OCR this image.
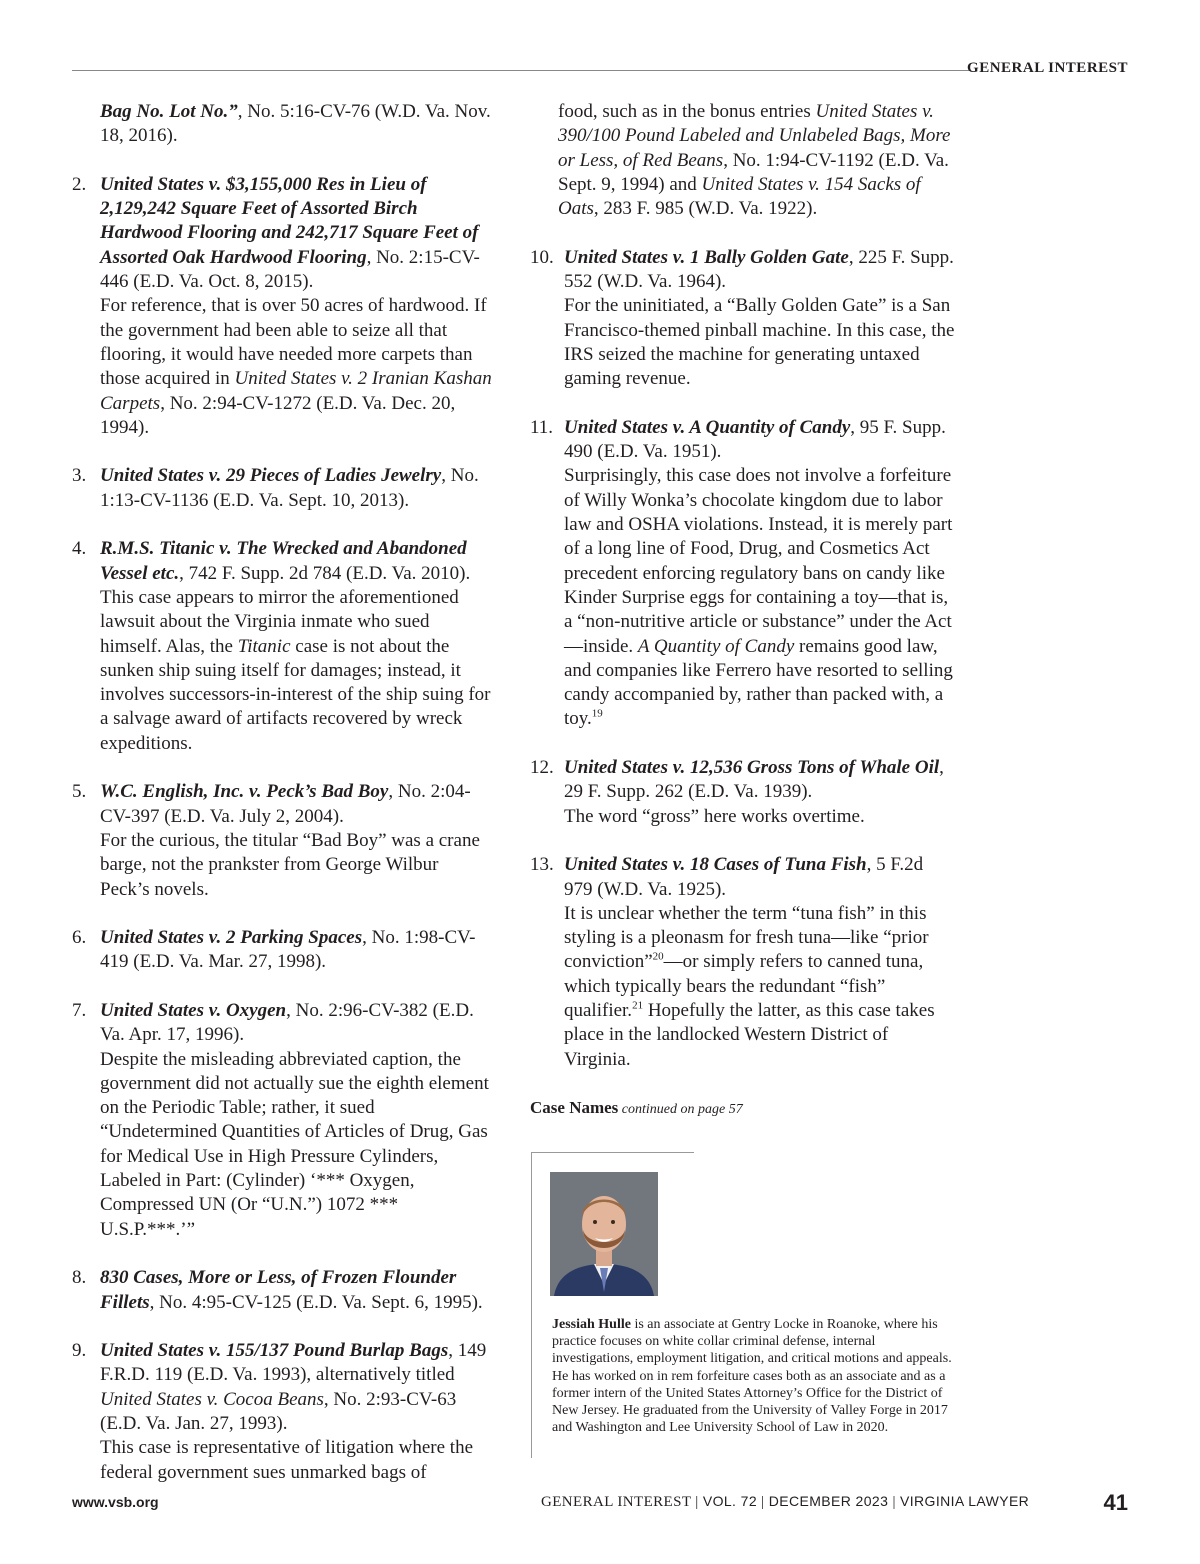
GENERAL INTEREST
Bag No. Lot No.”, No. 5:16-CV-76 (W.D. Va. Nov. 18, 2016).
2. United States v. $3,155,000 Res in Lieu of 2,129,242 Square Feet of Assorted Birch Hardwood Flooring and 242,717 Square Feet of Assorted Oak Hardwood Flooring, No. 2:15-CV-446 (E.D. Va. Oct. 8, 2015).
For reference, that is over 50 acres of hardwood. If the government had been able to seize all that flooring, it would have needed more carpets than those acquired in United States v. 2 Iranian Kashan Carpets, No. 2:94-CV-1272 (E.D. Va. Dec. 20, 1994).
3. United States v. 29 Pieces of Ladies Jewelry, No. 1:13-CV-1136 (E.D. Va. Sept. 10, 2013).
4. R.M.S. Titanic v. The Wrecked and Abandoned Vessel etc., 742 F. Supp. 2d 784 (E.D. Va. 2010).
This case appears to mirror the aforementioned lawsuit about the Virginia inmate who sued himself. Alas, the Titanic case is not about the sunken ship suing itself for damages; instead, it involves successors-in-interest of the ship suing for a salvage award of artifacts recovered by wreck expeditions.
5. W.C. English, Inc. v. Peck’s Bad Boy, No. 2:04-CV-397 (E.D. Va. July 2, 2004).
For the curious, the titular “Bad Boy” was a crane barge, not the prankster from George Wilbur Peck’s novels.
6. United States v. 2 Parking Spaces, No. 1:98-CV-419 (E.D. Va. Mar. 27, 1998).
7. United States v. Oxygen, No. 2:96-CV-382 (E.D. Va. Apr. 17, 1996).
Despite the misleading abbreviated caption, the government did not actually sue the eighth element on the Periodic Table; rather, it sued “Undetermined Quantities of Articles of Drug, Gas for Medical Use in High Pressure Cylinders, Labeled in Part: (Cylinder) ‘*** Oxygen, Compressed UN (Or “U.N.”) 1072 *** U.S.P.***.’”
8. 830 Cases, More or Less, of Frozen Flounder Fillets, No. 4:95-CV-125 (E.D. Va. Sept. 6, 1995).
9. United States v. 155/137 Pound Burlap Bags, 149 F.R.D. 119 (E.D. Va. 1993), alternatively titled United States v. Cocoa Beans, No. 2:93-CV-63 (E.D. Va. Jan. 27, 1993).
This case is representative of litigation where the federal government sues unmarked bags of
food, such as in the bonus entries United States v. 390/100 Pound Labeled and Unlabeled Bags, More or Less, of Red Beans, No. 1:94-CV-1192 (E.D. Va. Sept. 9, 1994) and United States v. 154 Sacks of Oats, 283 F. 985 (W.D. Va. 1922).
10. United States v. 1 Bally Golden Gate, 225 F. Supp. 552 (W.D. Va. 1964).
For the uninitiated, a “Bally Golden Gate” is a San Francisco-themed pinball machine. In this case, the IRS seized the machine for generating untaxed gaming revenue.
11. United States v. A Quantity of Candy, 95 F. Supp. 490 (E.D. Va. 1951).
Surprisingly, this case does not involve a forfeiture of Willy Wonka’s chocolate kingdom due to labor law and OSHA violations. Instead, it is merely part of a long line of Food, Drug, and Cosmetics Act precedent enforcing regulatory bans on candy like Kinder Surprise eggs for containing a toy—that is, a “non-nutritive article or substance” under the Act—inside. A Quantity of Candy remains good law, and companies like Ferrero have resorted to selling candy accompanied by, rather than packed with, a toy.$^{19}$
12. United States v. 12,536 Gross Tons of Whale Oil, 29 F. Supp. 262 (E.D. Va. 1939).
The word “gross” here works overtime.
13. United States v. 18 Cases of Tuna Fish, 5 F.2d 979 (W.D. Va. 1925).
It is unclear whether the term “tuna fish” in this styling is a pleonasm for fresh tuna—like “prior conviction”$^{20}$—or simply refers to canned tuna, which typically bears the redundant “fish” qualifier.$^{21}$ Hopefully the latter, as this case takes place in the landlocked Western District of Virginia.
Case Names continued on page 57
Jessiah Hulle is an associate at Gentry Locke in Roanoke, where his practice focuses on white collar criminal defense, internal investigations, employment litigation, and critical motions and appeals. He has worked on in rem forfeiture cases both as an associate and as a former intern of the United States Attorney’s Office for the District of New Jersey. He graduated from the University of Valley Forge in 2017 and Washington and Lee University School of Law in 2020.
www.vsb.org	GENERAL INTEREST | VOL. 72 | DECEMBER 2023 | VIRGINIA LAWYER	41
